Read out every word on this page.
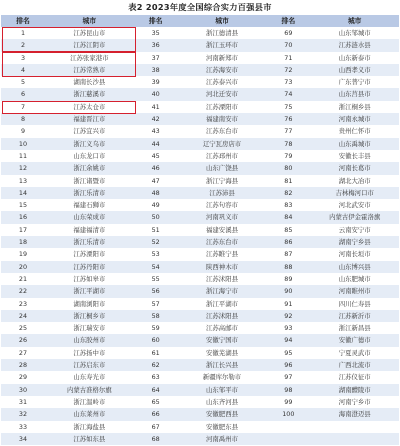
表2 2023年度全国综合实力百强县市
排名	城市	排名	城市	排名	城市
1	江苏昆山市	35	浙江德清县	69	山东邹城市
2	江苏江阴市	36	浙江玉环市	70	江苏涟水县
3	江苏张家港市	37	河南新郑市	71	山东新泰市
4	江苏常熟市	38	江苏海安市	72	山西孝义市
5	湖南长沙县	39	江苏泰兴市	73	广东普宁市
6	浙江慈溪市	40	河北迁安市	74	山东莒县市
7	江苏太仓市	41	江苏溧阳市	75	浙江桐乡县
8	福建晋江市	42	福建南安市	76	河南永城市
9	江苏宜兴市	43	江苏东台市	77	贵州仁怀市
10	浙江义乌市	44	辽宁瓦房店市	78	山东禹城市
11	山东龙口市	45	江苏邳州市	79	安徽长丰县
12	浙江余姚市	46	山东广饶县	80	河南长葛市
13	浙江诸暨市	47	浙江宁海县	81	湖北大冶市
14	浙江乐清市	48	江苏沛县	82	吉林梅河口市
15	福建石狮市	49	江苏句容市	83	河北武安市
16	山东荣成市	50	河南巩义市	84	内蒙古伊金霍洛旗
17	福建福清市	51	福建安溪县	85	云南安宁市
18	浙江乐清市	52	江苏东台市	86	湖南宁乡县
19	江苏溧阳市	53	江苏睢宁县	87	河南长垣市
20	江苏丹阳市	54	陕西神木市	88	山东博兴县
21	江苏如皋市	55	江苏沭阳县	89	山东肥城市
22	浙江平湖市	56	浙江海宁市	90	河南睢州市
23	湖南浏阳市	57	浙江平湖市	91	四川仁寿县
24	浙江桐乡市	58	江苏沭阳县	92	江苏新沂市
25	浙江瑞安市	59	江苏高邮市	93	浙江新昌县
26	山东胶州市	60	安徽宁国市	94	安徽广德市
27	江苏扬中市	61	安徽芜湖县	95	宁夏灵武市
28	江苏启东市	62	浙江长兴县	96	广西北流市
29	山东寿光市	63	新疆库尔勒市	97	江苏仪征市
30	内蒙古准格尔旗	64	山东邹平市	98	湖南醴陵市
31	浙江温岭市	65	山东齐河县	99	河南宁乡市
32	山东莱州市	66	安徽肥西县	100	海南澄迈县
33	浙江海盐县	67	安徽肥东县
34	江苏如东县	68	河南禹州市
